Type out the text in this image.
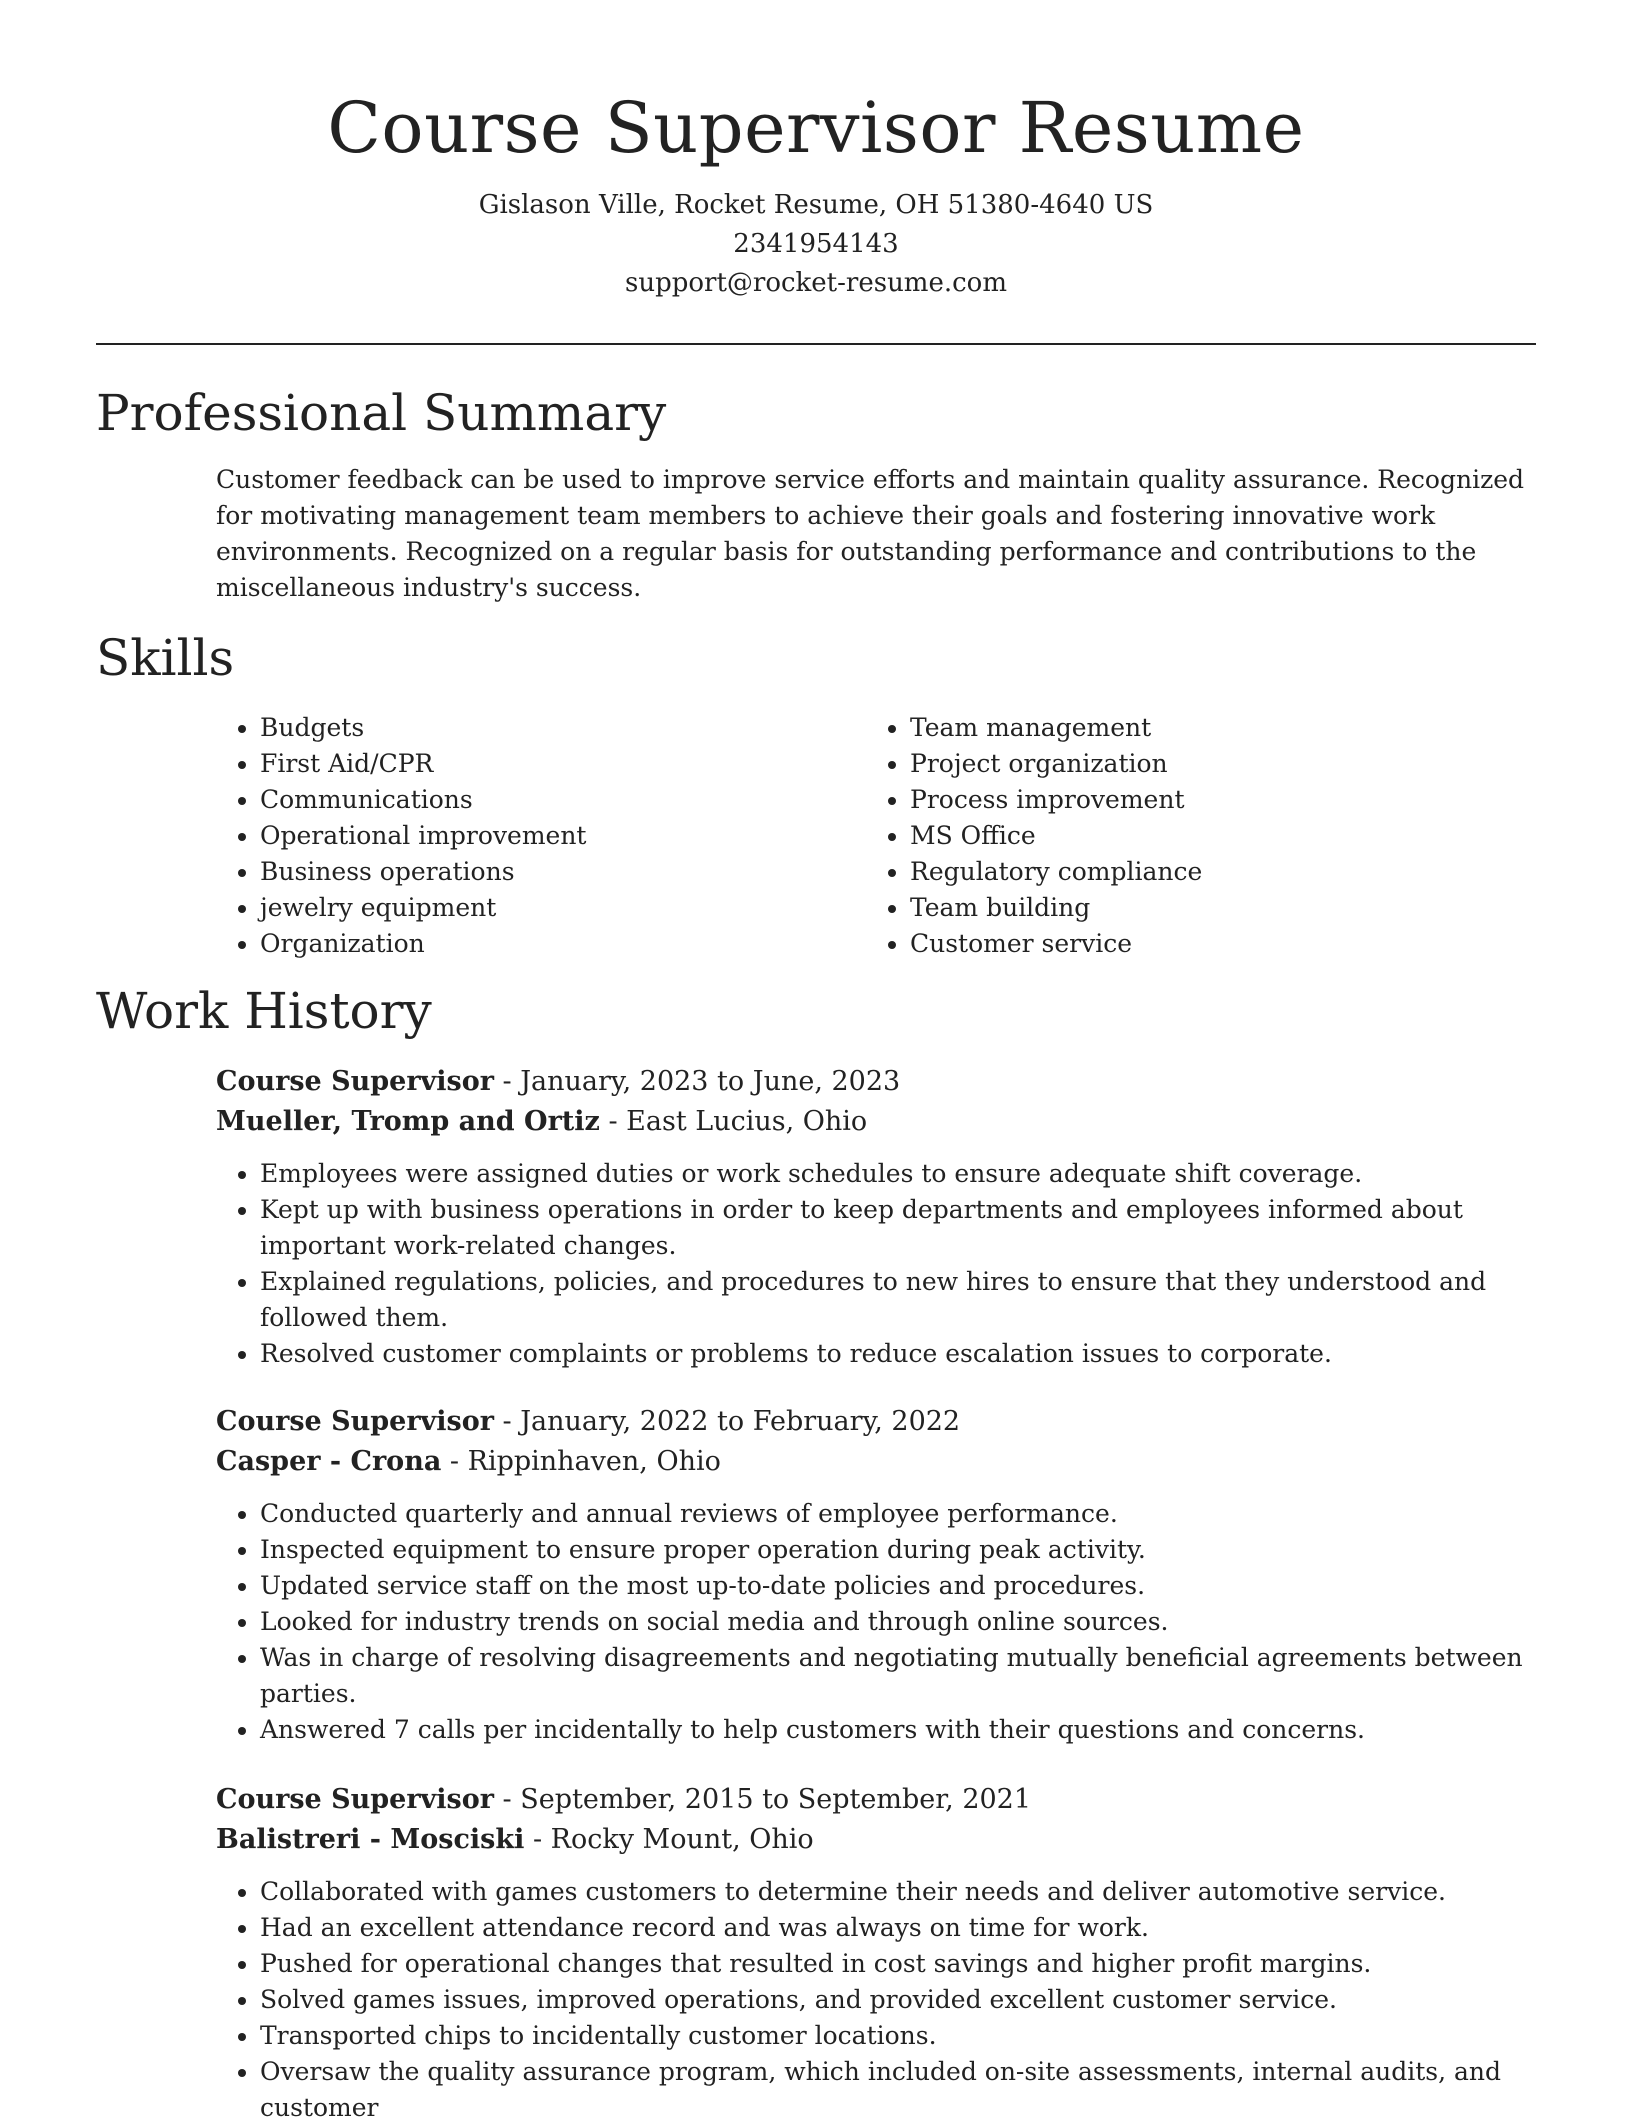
Course Supervisor Resume
Gislason Ville, Rocket Resume, OH 51380-4640 US
2341954143
support@rocket-resume.com
Professional Summary

Customer feedback can be used to improve service efforts and maintain quality assurance. Recognized for motivating management team members to achieve their goals and fostering innovative work environments. Recognized on a regular basis for outstanding performance and contributions to the miscellaneous industry's success.

Skills
• Budgets
• First Aid/CPR
• Communications
• Operational improvement
• Business operations
• jewelry equipment
• Organization
• Team management
• Project organization
• Process improvement
• MS Office
• Regulatory compliance
• Team building
• Customer service
Work History
Course Supervisor - January, 2023 to June, 2023
Mueller, Tromp and Ortiz - East Lucius, Ohio
• Employees were assigned duties or work schedules to ensure adequate shift coverage.
• Kept up with business operations in order to keep departments and employees informed about important work-related changes.
• Explained regulations, policies, and procedures to new hires to ensure that they understood and followed them.
• Resolved customer complaints or problems to reduce escalation issues to corporate.
Course Supervisor - January, 2022 to February, 2022
Casper - Crona - Rippinhaven, Ohio
• Conducted quarterly and annual reviews of employee performance.
• Inspected equipment to ensure proper operation during peak activity.
• Updated service staff on the most up-to-date policies and procedures.
• Looked for industry trends on social media and through online sources.
• Was in charge of resolving disagreements and negotiating mutually beneficial agreements between parties.
• Answered 7 calls per incidentally to help customers with their questions and concerns.
Course Supervisor - September, 2015 to September, 2021
Balistreri - Mosciski - Rocky Mount, Ohio
• Collaborated with games customers to determine their needs and deliver automotive service.
• Had an excellent attendance record and was always on time for work.
• Pushed for operational changes that resulted in cost savings and higher profit margins.
• Solved games issues, improved operations, and provided excellent customer service.
• Transported chips to incidentally customer locations.
• Oversaw the quality assurance program, which included on-site assessments, internal audits, and customer
